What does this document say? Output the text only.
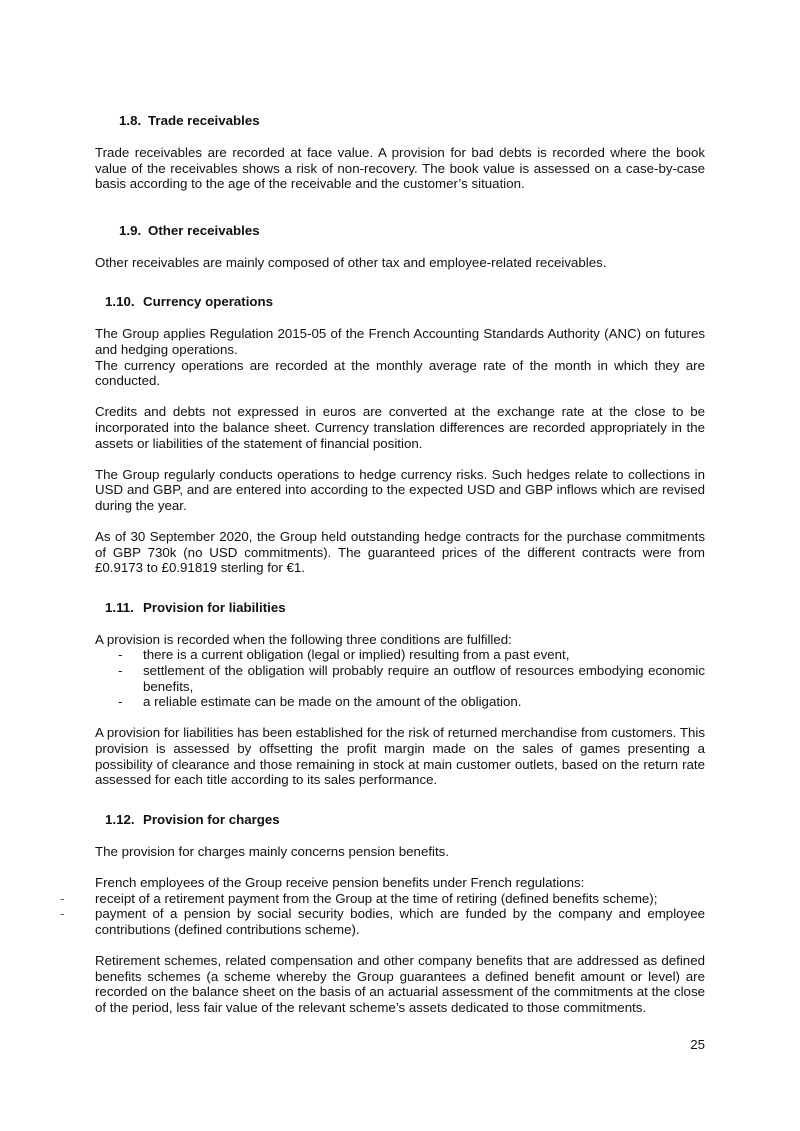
1.8. Trade receivables

Trade receivables are recorded at face value. A provision for bad debts is recorded where the book value of the receivables shows a risk of non-recovery. The book value is assessed on a case-by-case basis according to the age of the receivable and the customer’s situation.

1.9. Other receivables

Other receivables are mainly composed of other tax and employee-related receivables.

1.10. Currency operations

The Group applies Regulation 2015-05 of the French Accounting Standards Authority (ANC) on futures and hedging operations.

The currency operations are recorded at the monthly average rate of the month in which they are conducted.

Credits and debts not expressed in euros are converted at the exchange rate at the close to be incorporated into the balance sheet. Currency translation differences are recorded appropriately in the assets or liabilities of the statement of financial position.

The Group regularly conducts operations to hedge currency risks. Such hedges relate to collections in USD and GBP, and are entered into according to the expected USD and GBP inflows which are revised during the year.

As of 30 September 2020, the Group held outstanding hedge contracts for the purchase commitments of GBP 730k (no USD commitments). The guaranteed prices of the different contracts were from £0.9173 to £0.91819 sterling for €1.

1.11. Provision for liabilities

A provision is recorded when the following three conditions are fulfilled:

- there is a current obligation (legal or implied) resulting from a past event,
- settlement of the obligation will probably require an outflow of resources embodying economic benefits,
- a reliable estimate can be made on the amount of the obligation.

A provision for liabilities has been established for the risk of returned merchandise from customers. This provision is assessed by offsetting the profit margin made on the sales of games presenting a possibility of clearance and those remaining in stock at main customer outlets, based on the return rate assessed for each title according to its sales performance.

1.12. Provision for charges

The provision for charges mainly concerns pension benefits.

French employees of the Group receive pension benefits under French regulations:

- receipt of a retirement payment from the Group at the time of retiring (defined benefits scheme);
- payment of a pension by social security bodies, which are funded by the company and employee contributions (defined contributions scheme).

Retirement schemes, related compensation and other company benefits that are addressed as defined benefits schemes (a scheme whereby the Group guarantees a defined benefit amount or level) are recorded on the balance sheet on the basis of an actuarial assessment of the commitments at the close of the period, less fair value of the relevant scheme’s assets dedicated to those commitments.

25
